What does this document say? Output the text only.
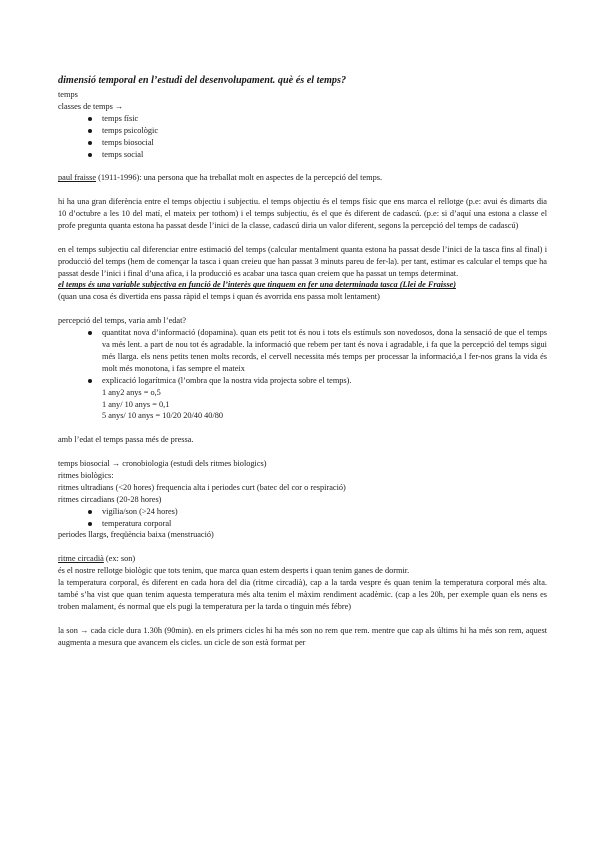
dimensió temporal en l’estudi del desenvolupament. què és el temps?
temps
classes de temps →
temps físic
temps psicològic
temps biosocial
temps social

paul fraisse (1911-1996): una persona que ha treballat molt en aspectes de la percepció del temps.

hi ha una gran diferència entre el temps objectiu i subjectiu. el temps objectiu és el temps físic que ens marca el rellotge (p.e: avui és dimarts dia 10 d’octubre a les 10 del matí, el mateix per tothom) i el temps subjectiu, és el que és diferent de cadascú. (p.e: si d’aquí una estona a classe el profe pregunta quanta estona ha passat desde l’inici de la classe, cadascú diria un valor diferent, segons la percepció del temps de cadascú)

en el temps subjectiu cal diferenciar entre estimació del temps (calcular mentalment quanta estona ha passat desde l’inici de la tasca fins al final) i producció del temps (hem de començar la tasca i quan creieu que han passat 3 minuts pareu de fer-la). per tant, estimar es calcular el temps que ha passat desde l’inici i final d’una afica, i la producció es acabar una tasca quan creiem que ha passat un temps determinat.

el temps és una variable subjectiva en funció de l’interès que tinguem en fer una determinada tasca (Llei de Fraisse)

(quan una cosa és divertida ens passa ràpid el temps i quan és avorrida ens passa molt lentament)

percepció del temps, varia amb l’edat?

quantitat nova d’informació (dopamina). quan ets petit tot és nou i tots els estímuls son novedosos, dona la sensació de que el temps va més lent. a part de nou tot és agradable. la informació que rebem per tant és nova i agradable, i fa que la percepció del temps sigui més llarga. els nens petits tenen molts records, el cervell necessita més temps per processar la informació,a l fer-nos grans la vida és molt més monotona, i fas sempre el mateix

explicació logarítmica (l’ombra que la nostra vida projecta sobre el temps).
1 any2 anys = o,5
1 any/ 10 anys = 0,1
5 anys/ 10 anys = 10/20 20/40 40/80
amb l’edat el temps passa més de pressa.
temps biosocial → cronobiologia (estudi dels ritmes biologics)
ritmes biològics:
ritmes ultradians (<20 hores) frequencia alta i periodes curt (batec del cor o respiració)
ritmes circadians (20-28 hores)
vigília/son (>24 hores)
temperatura corporal
periodes llargs, freqüència baixa (menstruació)
ritme circadià (ex: son)

és el nostre rellotge biològic que tots tenim, que marca quan estem desperts i quan tenim ganes de dormir.

la temperatura corporal, és diferent en cada hora del dia (ritme circadià), cap a la tarda vespre és quan tenim la temperatura corporal més alta. també s’ha vist que quan tenim aquesta temperatura més alta tenim el màxim rendiment acadèmic. (cap a les 20h, per exemple quan els nens es troben malament, és normal que els pugi la temperatura per la tarda o tinguin més fébre)

la son → cada cicle dura 1.30h (90min). en els primers cicles hi ha més son no rem que rem. mentre que cap als últims hi ha més son rem, aquest augmenta a mesura que avancem els cicles. un cicle de son està format per
